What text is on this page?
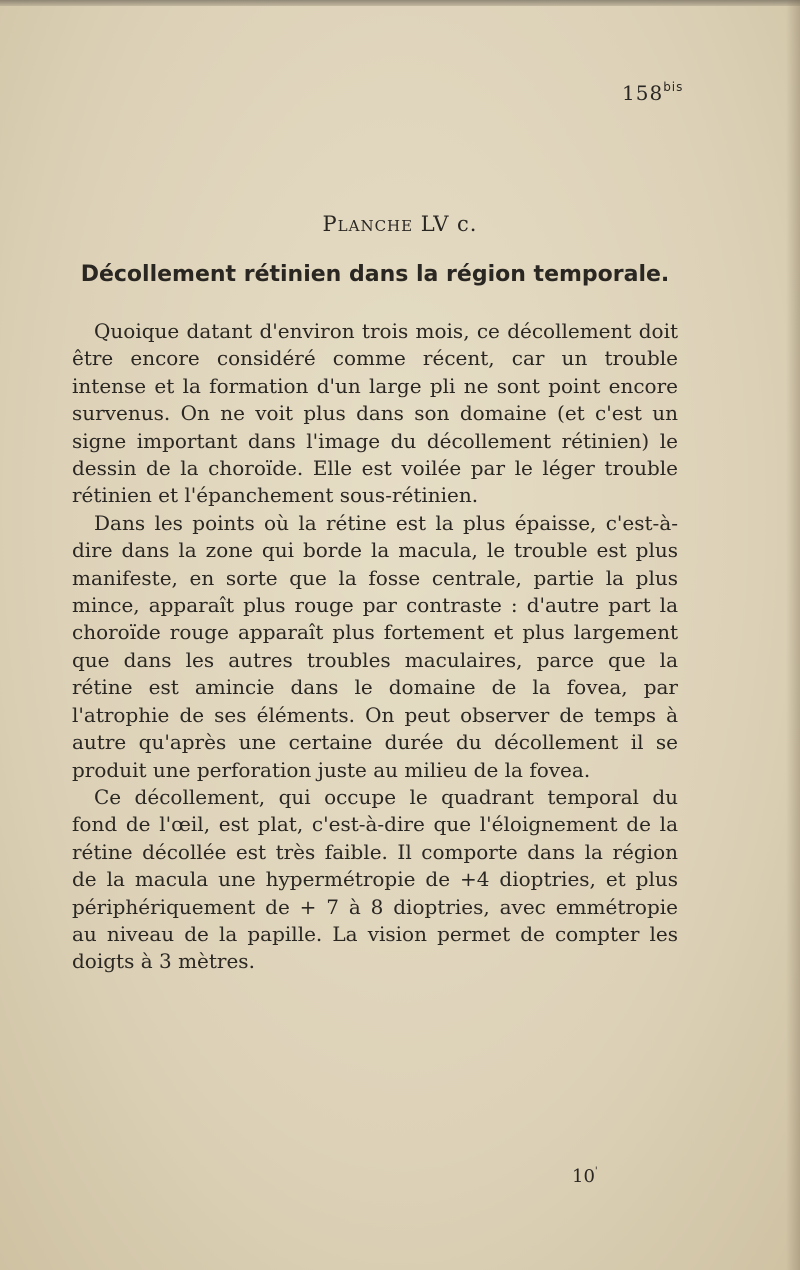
$158^{bis}$
Planche LV c.
Décollement rétinien dans la région temporale.

Quoique datant d'environ trois mois, ce décollement doit être encore considéré comme récent, car un trouble intense et la formation d'un large pli ne sont point encore survenus. On ne voit plus dans son domaine (et c'est un signe important dans l'image du décollement rétinien) le dessin de la choroïde. Elle est voilée par le léger trouble rétinien et l'épanchement sous-rétinien.

Dans les points où la rétine est la plus épaisse, c'est-à-dire dans la zone qui borde la macula, le trouble est plus manifeste, en sorte que la fosse centrale, partie la plus mince, apparaît plus rouge par contraste : d'autre part la choroïde rouge apparaît plus fortement et plus largement que dans les autres troubles maculaires, parce que la rétine est amincie dans le domaine de la fovea, par l'atrophie de ses éléments. On peut observer de temps à autre qu'après une certaine durée du décollement il se produit une perforation juste au milieu de la fovea.

Ce décollement, qui occupe le quadrant temporal du fond de l'œil, est plat, c'est-à-dire que l'éloignement de la rétine décollée est très faible. Il comporte dans la région de la macula une hypermétropie de +4 dioptries, et plus périphériquement de + 7 à 8 dioptries, avec emmétropie au niveau de la papille. La vision permet de compter les doigts à 3 mètres.

10'
